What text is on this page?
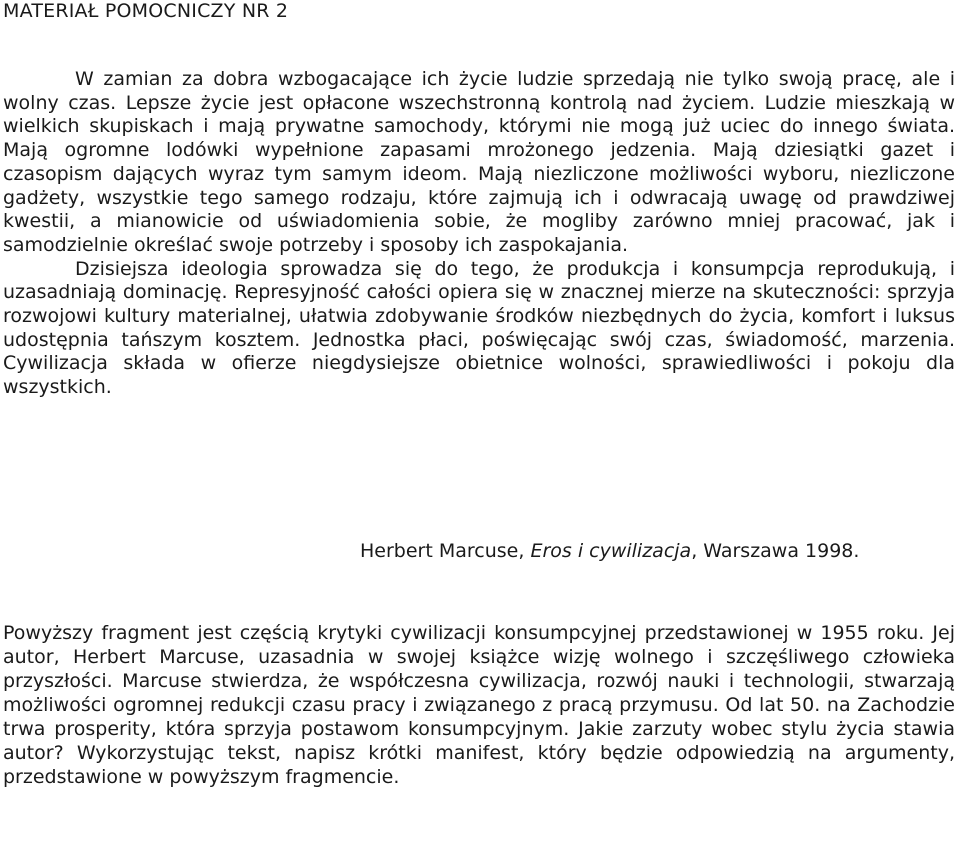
MATERIAŁ POMOCNICZY NR 2

W zamian za dobra wzbogacające ich życie ludzie sprzedają nie tylko swoją pracę, ale i wolny czas. Lepsze życie jest opłacone wszechstronną kontrolą nad życiem. Ludzie mieszkają w wielkich skupiskach i mają prywatne samochody, którymi nie mogą już uciec do innego świata. Mają ogromne lodówki wypełnione zapasami mrożonego jedzenia. Mają dziesiątki gazet i czasopism dających wyraz tym samym ideom. Mają niezliczone możliwości wyboru, niezliczone gadżety, wszystkie tego samego rodzaju, które zajmują ich i odwracają uwagę od prawdziwej kwestii, a mianowicie od uświadomienia sobie, że mogliby zarówno mniej pracować, jak i samodzielnie określać swoje potrzeby i sposoby ich zaspokajania.

Dzisiejsza ideologia sprowadza się do tego, że produkcja i konsumpcja reprodukują, i uzasadniają dominację. Represyjność całości opiera się w znacznej mierze na skuteczności: sprzyja rozwojowi kultury materialnej, ułatwia zdobywanie środków niezbędnych do życia, komfort i luksus udostępnia tańszym kosztem. Jednostka płaci, poświęcając swój czas, świadomość, marzenia. Cywilizacja składa w ofierze niegdysiejsze obietnice wolności, sprawiedliwości i pokoju dla wszystkich.

Herbert Marcuse, Eros i cywilizacja, Warszawa 1998.

Powyższy fragment jest częścią krytyki cywilizacji konsumpcyjnej przedstawionej w 1955 roku. Jej autor, Herbert Marcuse, uzasadnia w swojej książce wizję wolnego i szczęśliwego człowieka przyszłości. Marcuse stwierdza, że współczesna cywilizacja, rozwój nauki i technologii, stwarzają możliwości ogromnej redukcji czasu pracy i związanego z pracą przymusu. Od lat 50. na Zachodzie trwa prosperity, która sprzyja postawom konsumpcyjnym. Jakie zarzuty wobec stylu życia stawia autor? Wykorzystując tekst, napisz krótki manifest, który będzie odpowiedzią na argumenty, przedstawione w powyższym fragmencie.
